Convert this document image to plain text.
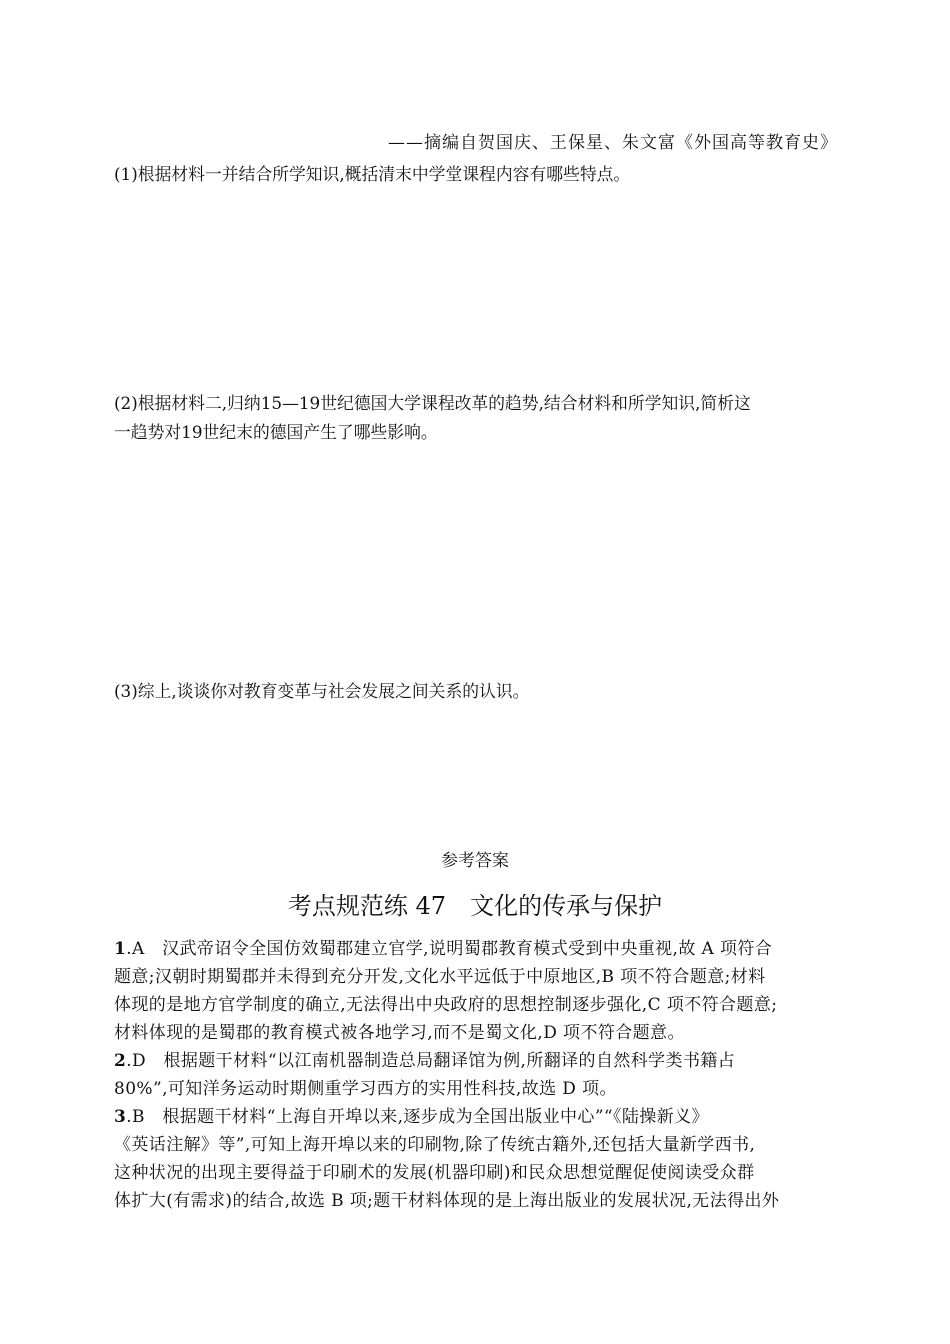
——摘编自贺国庆、王保星、朱文富《外国高等教育史》
(1)根据材料一并结合所学知识,概括清末中学堂课程内容有哪些特点。
(2)根据材料二,归纳15—19世纪德国大学课程改革的趋势,结合材料和所学知识,简析这
一趋势对19世纪末的德国产生了哪些影响。
(3)综上,谈谈你对教育变革与社会发展之间关系的认识。
参考答案
考点规范练 47　文化的传承与保护
1.A　汉武帝诏令全国仿效蜀郡建立官学,说明蜀郡教育模式受到中央重视,故 A 项符合
题意;汉朝时期蜀郡并未得到充分开发,文化水平远低于中原地区,B 项不符合题意;材料
体现的是地方官学制度的确立,无法得出中央政府的思想控制逐步强化,C 项不符合题意;
材料体现的是蜀郡的教育模式被各地学习,而不是蜀文化,D 项不符合题意。
2.D　根据题干材料“以江南机器制造总局翻译馆为例,所翻译的自然科学类书籍占
80%”,可知洋务运动时期侧重学习西方的实用性科技,故选 D 项。
3.B　根据题干材料“上海自开埠以来,逐步成为全国出版业中心”“《陆操新义》
《英话注解》等”,可知上海开埠以来的印刷物,除了传统古籍外,还包括大量新学西书,
这种状况的出现主要得益于印刷术的发展(机器印刷)和民众思想觉醒促使阅读受众群
体扩大(有需求)的结合,故选 B 项;题干材料体现的是上海出版业的发展状况,无法得出外
